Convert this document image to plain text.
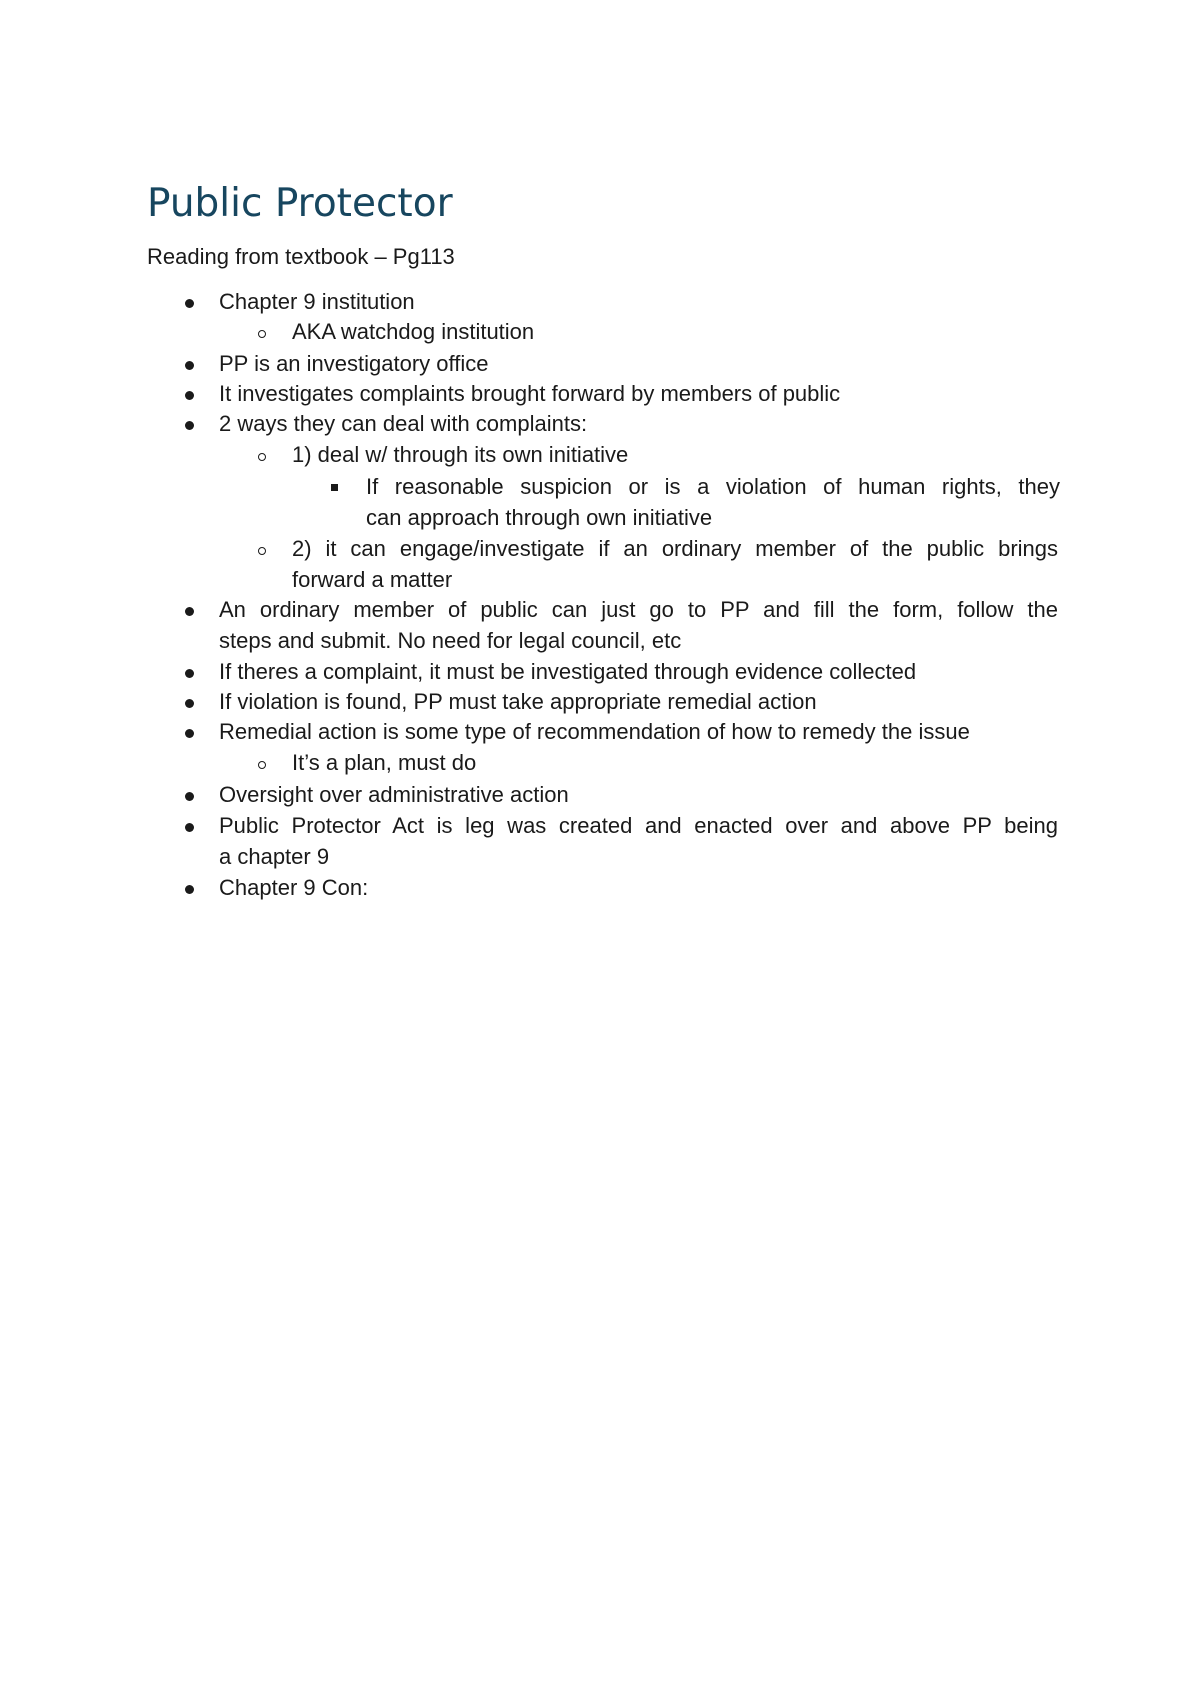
Public Protector

Reading from textbook – Pg113

Chapter 9 institution

AKA watchdog institution

PP is an investigatory office

It investigates complaints brought forward by members of public

2 ways they can deal with complaints:

1) deal w/ through its own initiative

If reasonable suspicion or is a violation of human rights, they

can approach through own initiative

2) it can engage/investigate if an ordinary member of the public brings

forward a matter

An ordinary member of public can just go to PP and fill the form, follow the

steps and submit. No need for legal council, etc

If theres a complaint, it must be investigated through evidence collected

If violation is found, PP must take appropriate remedial action

Remedial action is some type of recommendation of how to remedy the issue

It’s a plan, must do

Oversight over administrative action

Public Protector Act is leg was created and enacted over and above PP being

a chapter 9

Chapter 9 Con:
